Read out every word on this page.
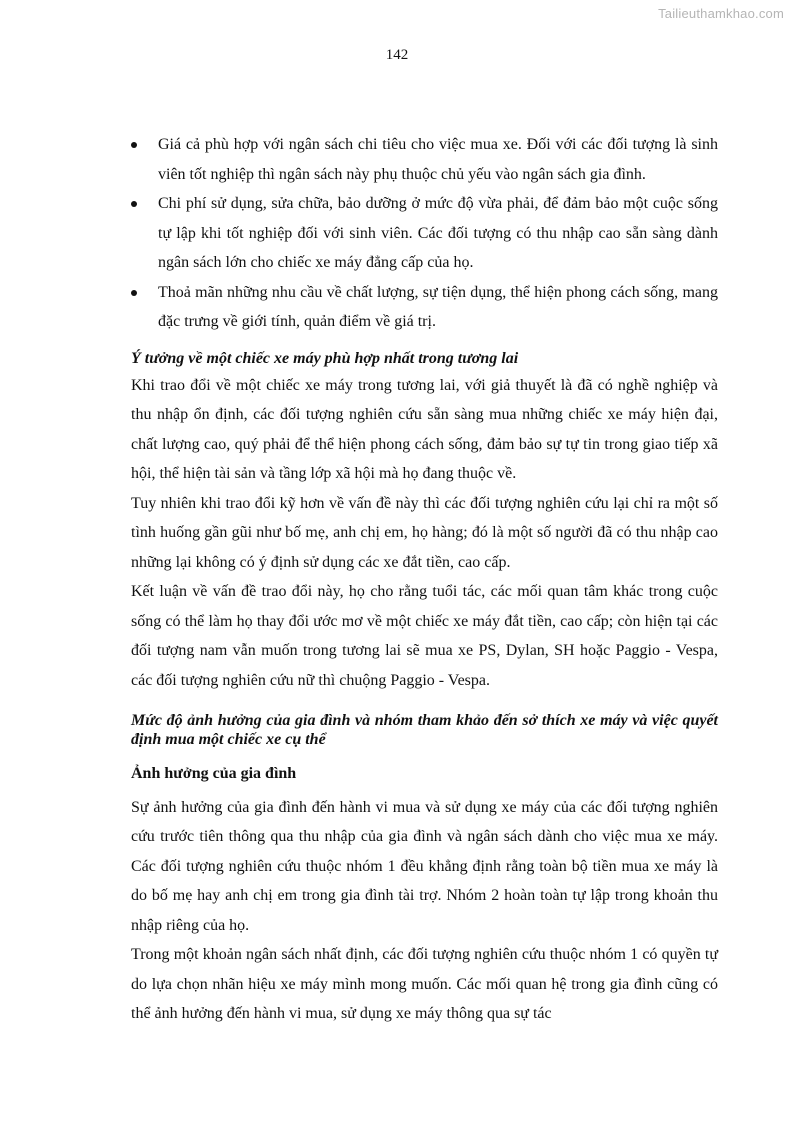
Tailieuthamkhao.com
142
Giá cả phù hợp với ngân sách chi tiêu cho việc mua xe. Đối với các đối tượng là sinh viên tốt nghiệp thì ngân sách này phụ thuộc chủ yếu vào ngân sách gia đình.
Chi phí sử dụng, sửa chữa, bảo dưỡng ở mức độ vừa phải, để đảm bảo một cuộc sống tự lập khi tốt nghiệp đối với sinh viên. Các đối tượng có thu nhập cao sẵn sàng dành ngân sách lớn cho chiếc xe máy đẳng cấp của họ.
Thoả mãn những nhu cầu về chất lượng, sự tiện dụng, thể hiện phong cách sống, mang đặc trưng về giới tính, quản điểm về giá trị.

Ý tưởng về một chiếc xe máy phù hợp nhất trong tương lai

Khi trao đổi về một chiếc xe máy trong tương lai, với giả thuyết là đã có nghề nghiệp và thu nhập ổn định, các đối tượng nghiên cứu sẵn sàng mua những chiếc xe máy hiện đại, chất lượng cao, quý phải để thể hiện phong cách sống, đảm bảo sự tự tin trong giao tiếp xã hội, thể hiện tài sản và tầng lớp xã hội mà họ đang thuộc về.

Tuy nhiên khi trao đổi kỹ hơn về vấn đề này thì các đối tượng nghiên cứu lại chỉ ra một số tình huống gần gũi như bố mẹ, anh chị em, họ hàng; đó là một số người đã có thu nhập cao những lại không có ý định sử dụng các xe đắt tiền, cao cấp.

Kết luận về vấn đề trao đổi này, họ cho rằng tuổi tác, các mối quan tâm khác trong cuộc sống có thể làm họ thay đổi ước mơ về một chiếc xe máy đắt tiền, cao cấp; còn hiện tại các đối tượng nam vẫn muốn trong tương lai sẽ mua xe PS, Dylan, SH hoặc Paggio - Vespa, các đối tượng nghiên cứu nữ thì chuộng Paggio - Vespa.

Mức độ ảnh hưởng của gia đình và nhóm tham khảo đến sở thích xe máy và việc quyết định mua một chiếc xe cụ thể

Ảnh hưởng của gia đình

Sự ảnh hưởng của gia đình đến hành vi mua và sử dụng xe máy của các đối tượng nghiên cứu trước tiên thông qua thu nhập của gia đình và ngân sách dành cho việc mua xe máy. Các đối tượng nghiên cứu thuộc nhóm 1 đều khẳng định rằng toàn bộ tiền mua xe máy là do bố mẹ hay anh chị em trong gia đình tài trợ. Nhóm 2 hoàn toàn tự lập trong khoản thu nhập riêng của họ.

Trong một khoản ngân sách nhất định, các đối tượng nghiên cứu thuộc nhóm 1 có quyền tự do lựa chọn nhãn hiệu xe máy mình mong muốn. Các mối quan hệ trong gia đình cũng có thể ảnh hưởng đến hành vi mua, sử dụng xe máy thông qua sự tác
